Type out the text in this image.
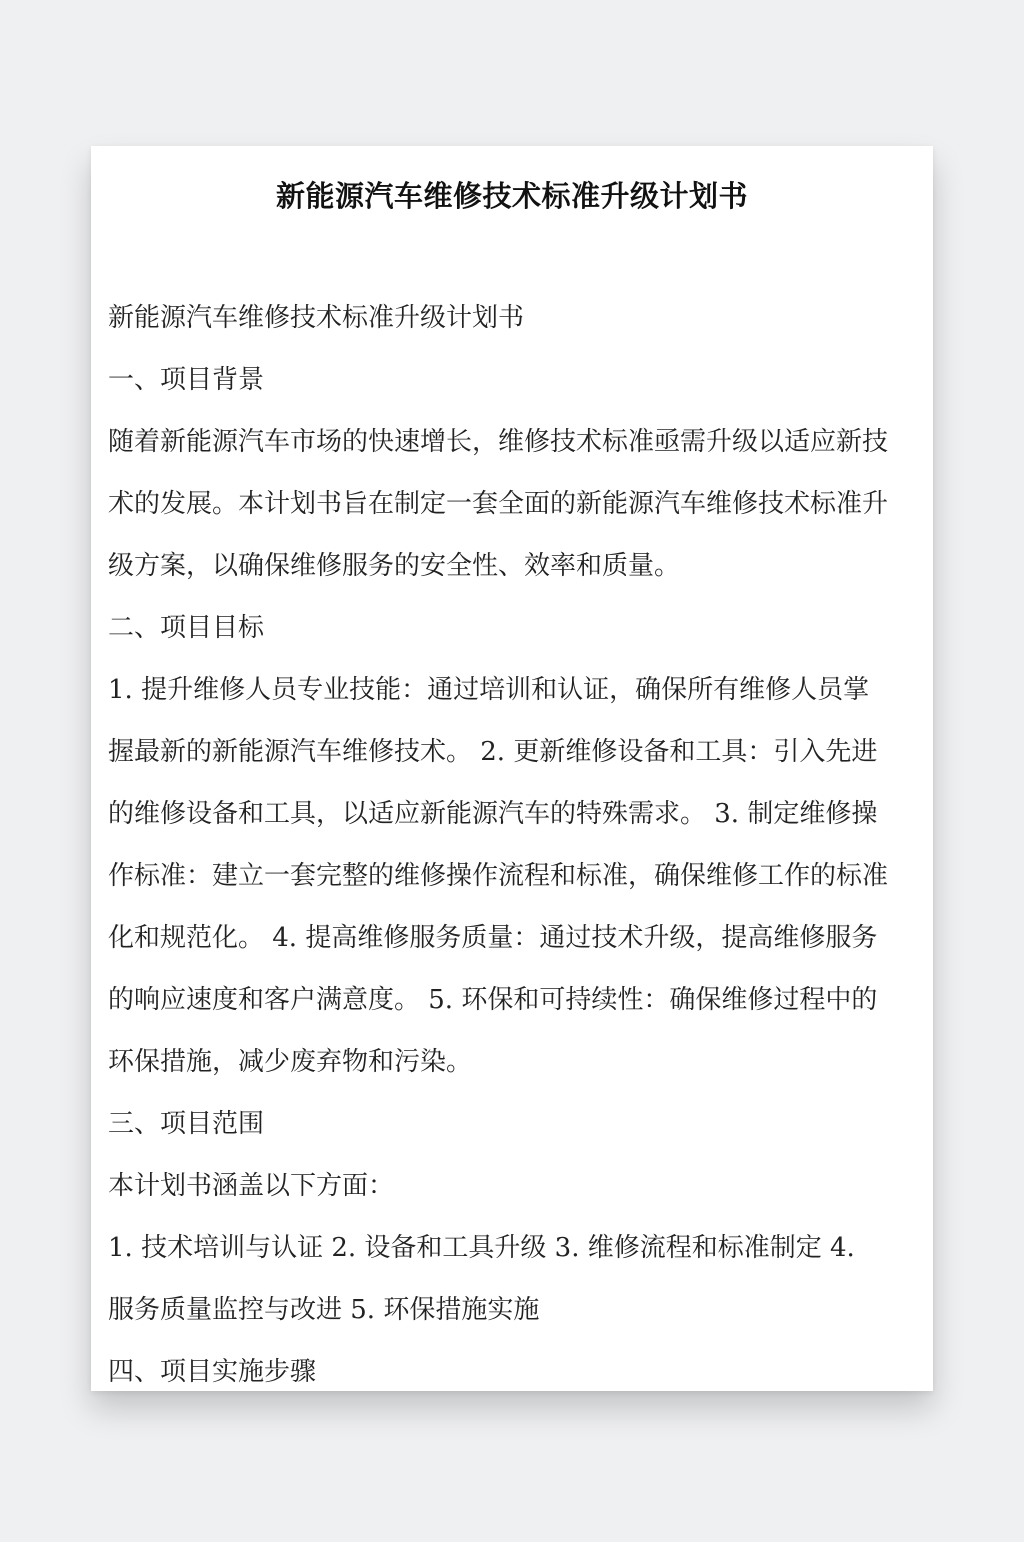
新能源汽车维修技术标准升级计划书
新能源汽车维修技术标准升级计划书
一、项目背景
随着新能源汽车市场的快速增长，维修技术标准亟需升级以适应新技
术的发展。本计划书旨在制定一套全面的新能源汽车维修技术标准升
级方案，以确保维修服务的安全性、效率和质量。
二、项目目标
1. 提升维修人员专业技能：通过培训和认证，确保所有维修人员掌
握最新的新能源汽车维修技术。 2. 更新维修设备和工具：引入先进
的维修设备和工具，以适应新能源汽车的特殊需求。 3. 制定维修操
作标准：建立一套完整的维修操作流程和标准，确保维修工作的标准
化和规范化。 4. 提高维修服务质量：通过技术升级，提高维修服务
的响应速度和客户满意度。 5. 环保和可持续性：确保维修过程中的
环保措施，减少废弃物和污染。
三、项目范围
本计划书涵盖以下方面：
1. 技术培训与认证 2. 设备和工具升级 3. 维修流程和标准制定 4.
服务质量监控与改进 5. 环保措施实施
四、项目实施步骤
